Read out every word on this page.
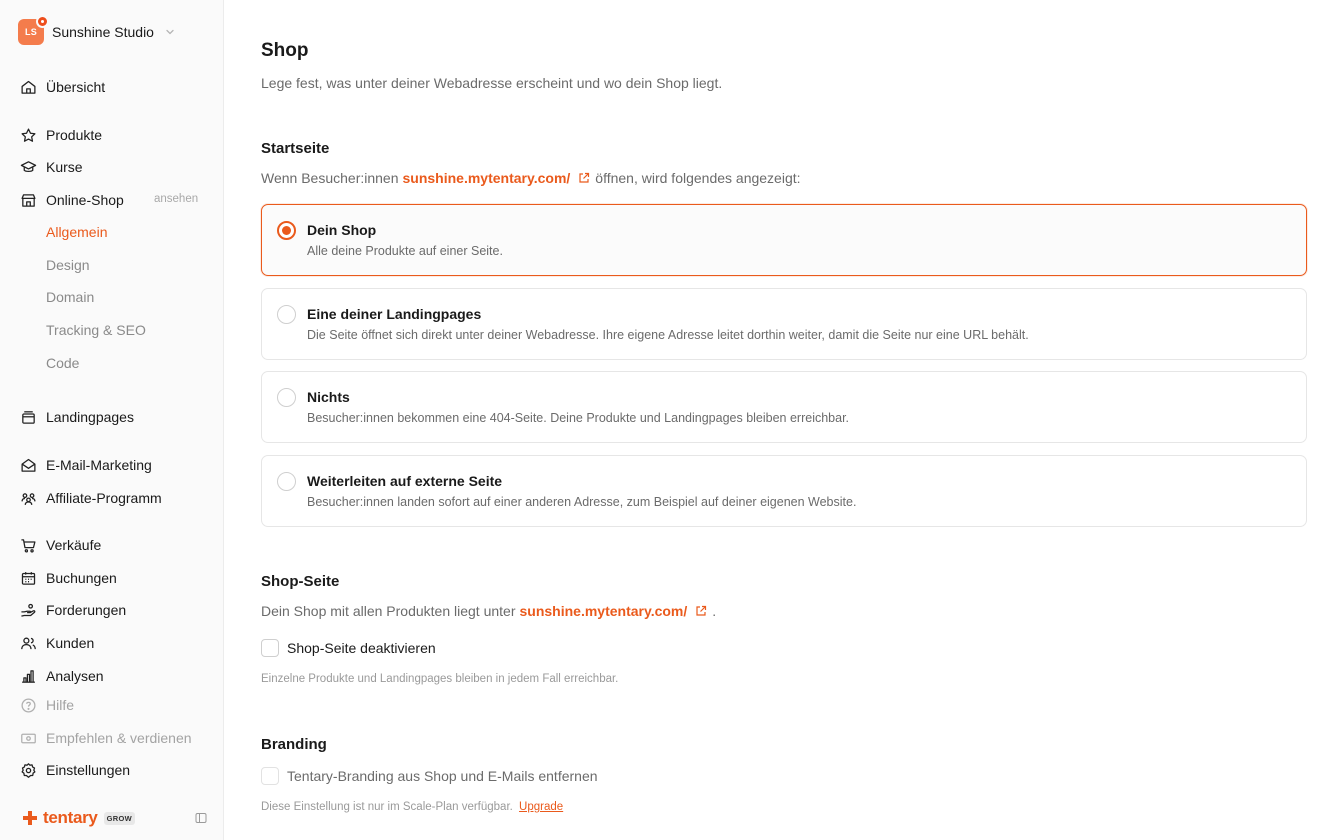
LS Sunshine Studio
Übersicht
Produkte
Kurse
Online-Shop	ansehen
Allgemein
Design
Domain
Tracking & SEO
Code
Landingpages
E-Mail-Marketing
Affiliate-Programm
Verkäufe
Buchungen
Forderungen
Kunden
Analysen
Hilfe
Empfehlen & verdienen
Einstellungen
tentary	GROW
Shop

Lege fest, was unter deiner Webadresse erscheint und wo dein Shop liegt.

Startseite
Wenn Besucher:innen sunshine.mytentary.com/ öffnen, wird folgendes angezeigt:
Dein Shop
Alle deine Produkte auf einer Seite.
Eine deiner Landingpages
Die Seite öffnet sich direkt unter deiner Webadresse. Ihre eigene Adresse leitet dorthin weiter, damit die Seite nur eine URL behält.
Nichts
Besucher:innen bekommen eine 404-Seite. Deine Produkte und Landingpages bleiben erreichbar.
Weiterleiten auf externe Seite
Besucher:innen landen sofort auf einer anderen Adresse, zum Beispiel auf deiner eigenen Website.
Shop-Seite
Dein Shop mit allen Produkten liegt unter sunshine.mytentary.com/ .
Shop-Seite deaktivieren

Einzelne Produkte und Landingpages bleiben in jedem Fall erreichbar.

Branding
Tentary-Branding aus Shop und E-Mails entfernen

Diese Einstellung ist nur im Scale-Plan verfügbar. Upgrade
